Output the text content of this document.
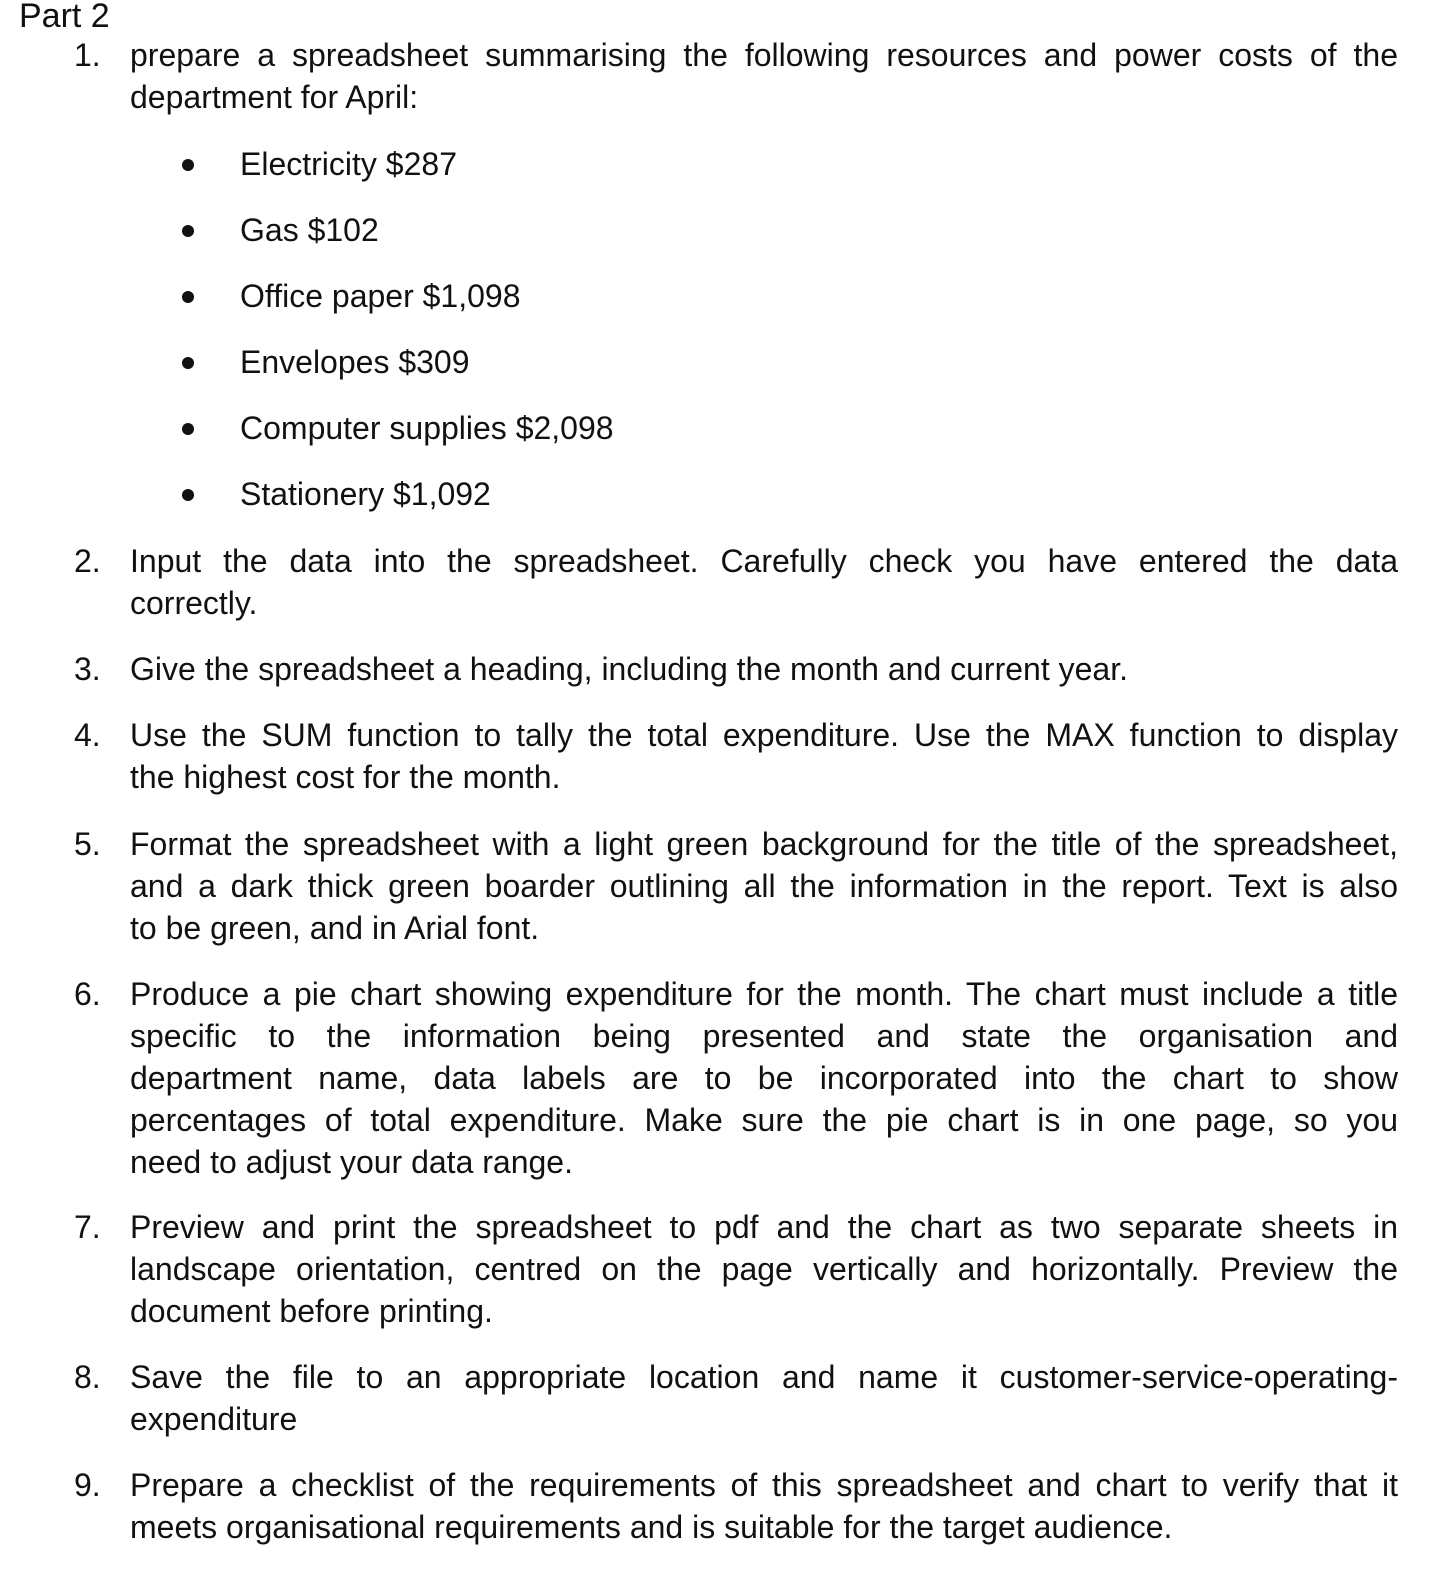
Part 2
1. prepare a spreadsheet summarising the following resources and power costs of the
department for April:
Electricity $287
Gas $102
Office paper $1,098
Envelopes $309
Computer supplies $2,098
Stationery $1,092
2. Input the data into the spreadsheet. Carefully check you have entered the data
correctly.
3. Give the spreadsheet a heading, including the month and current year.
4. Use the SUM function to tally the total expenditure. Use the MAX function to display
the highest cost for the month.
5. Format the spreadsheet with a light green background for the title of the spreadsheet,
and a dark thick green boarder outlining all the information in the report. Text is also
to be green, and in Arial font.
6. Produce a pie chart showing expenditure for the month. The chart must include a title
specific to the information being presented and state the organisation and
department name, data labels are to be incorporated into the chart to show
percentages of total expenditure. Make sure the pie chart is in one page, so you
need to adjust your data range.
7. Preview and print the spreadsheet to pdf and the chart as two separate sheets in
landscape orientation, centred on the page vertically and horizontally. Preview the
document before printing.
8. Save the file to an appropriate location and name it customer-service-operating-
expenditure
9. Prepare a checklist of the requirements of this spreadsheet and chart to verify that it
meets organisational requirements and is suitable for the target audience.
